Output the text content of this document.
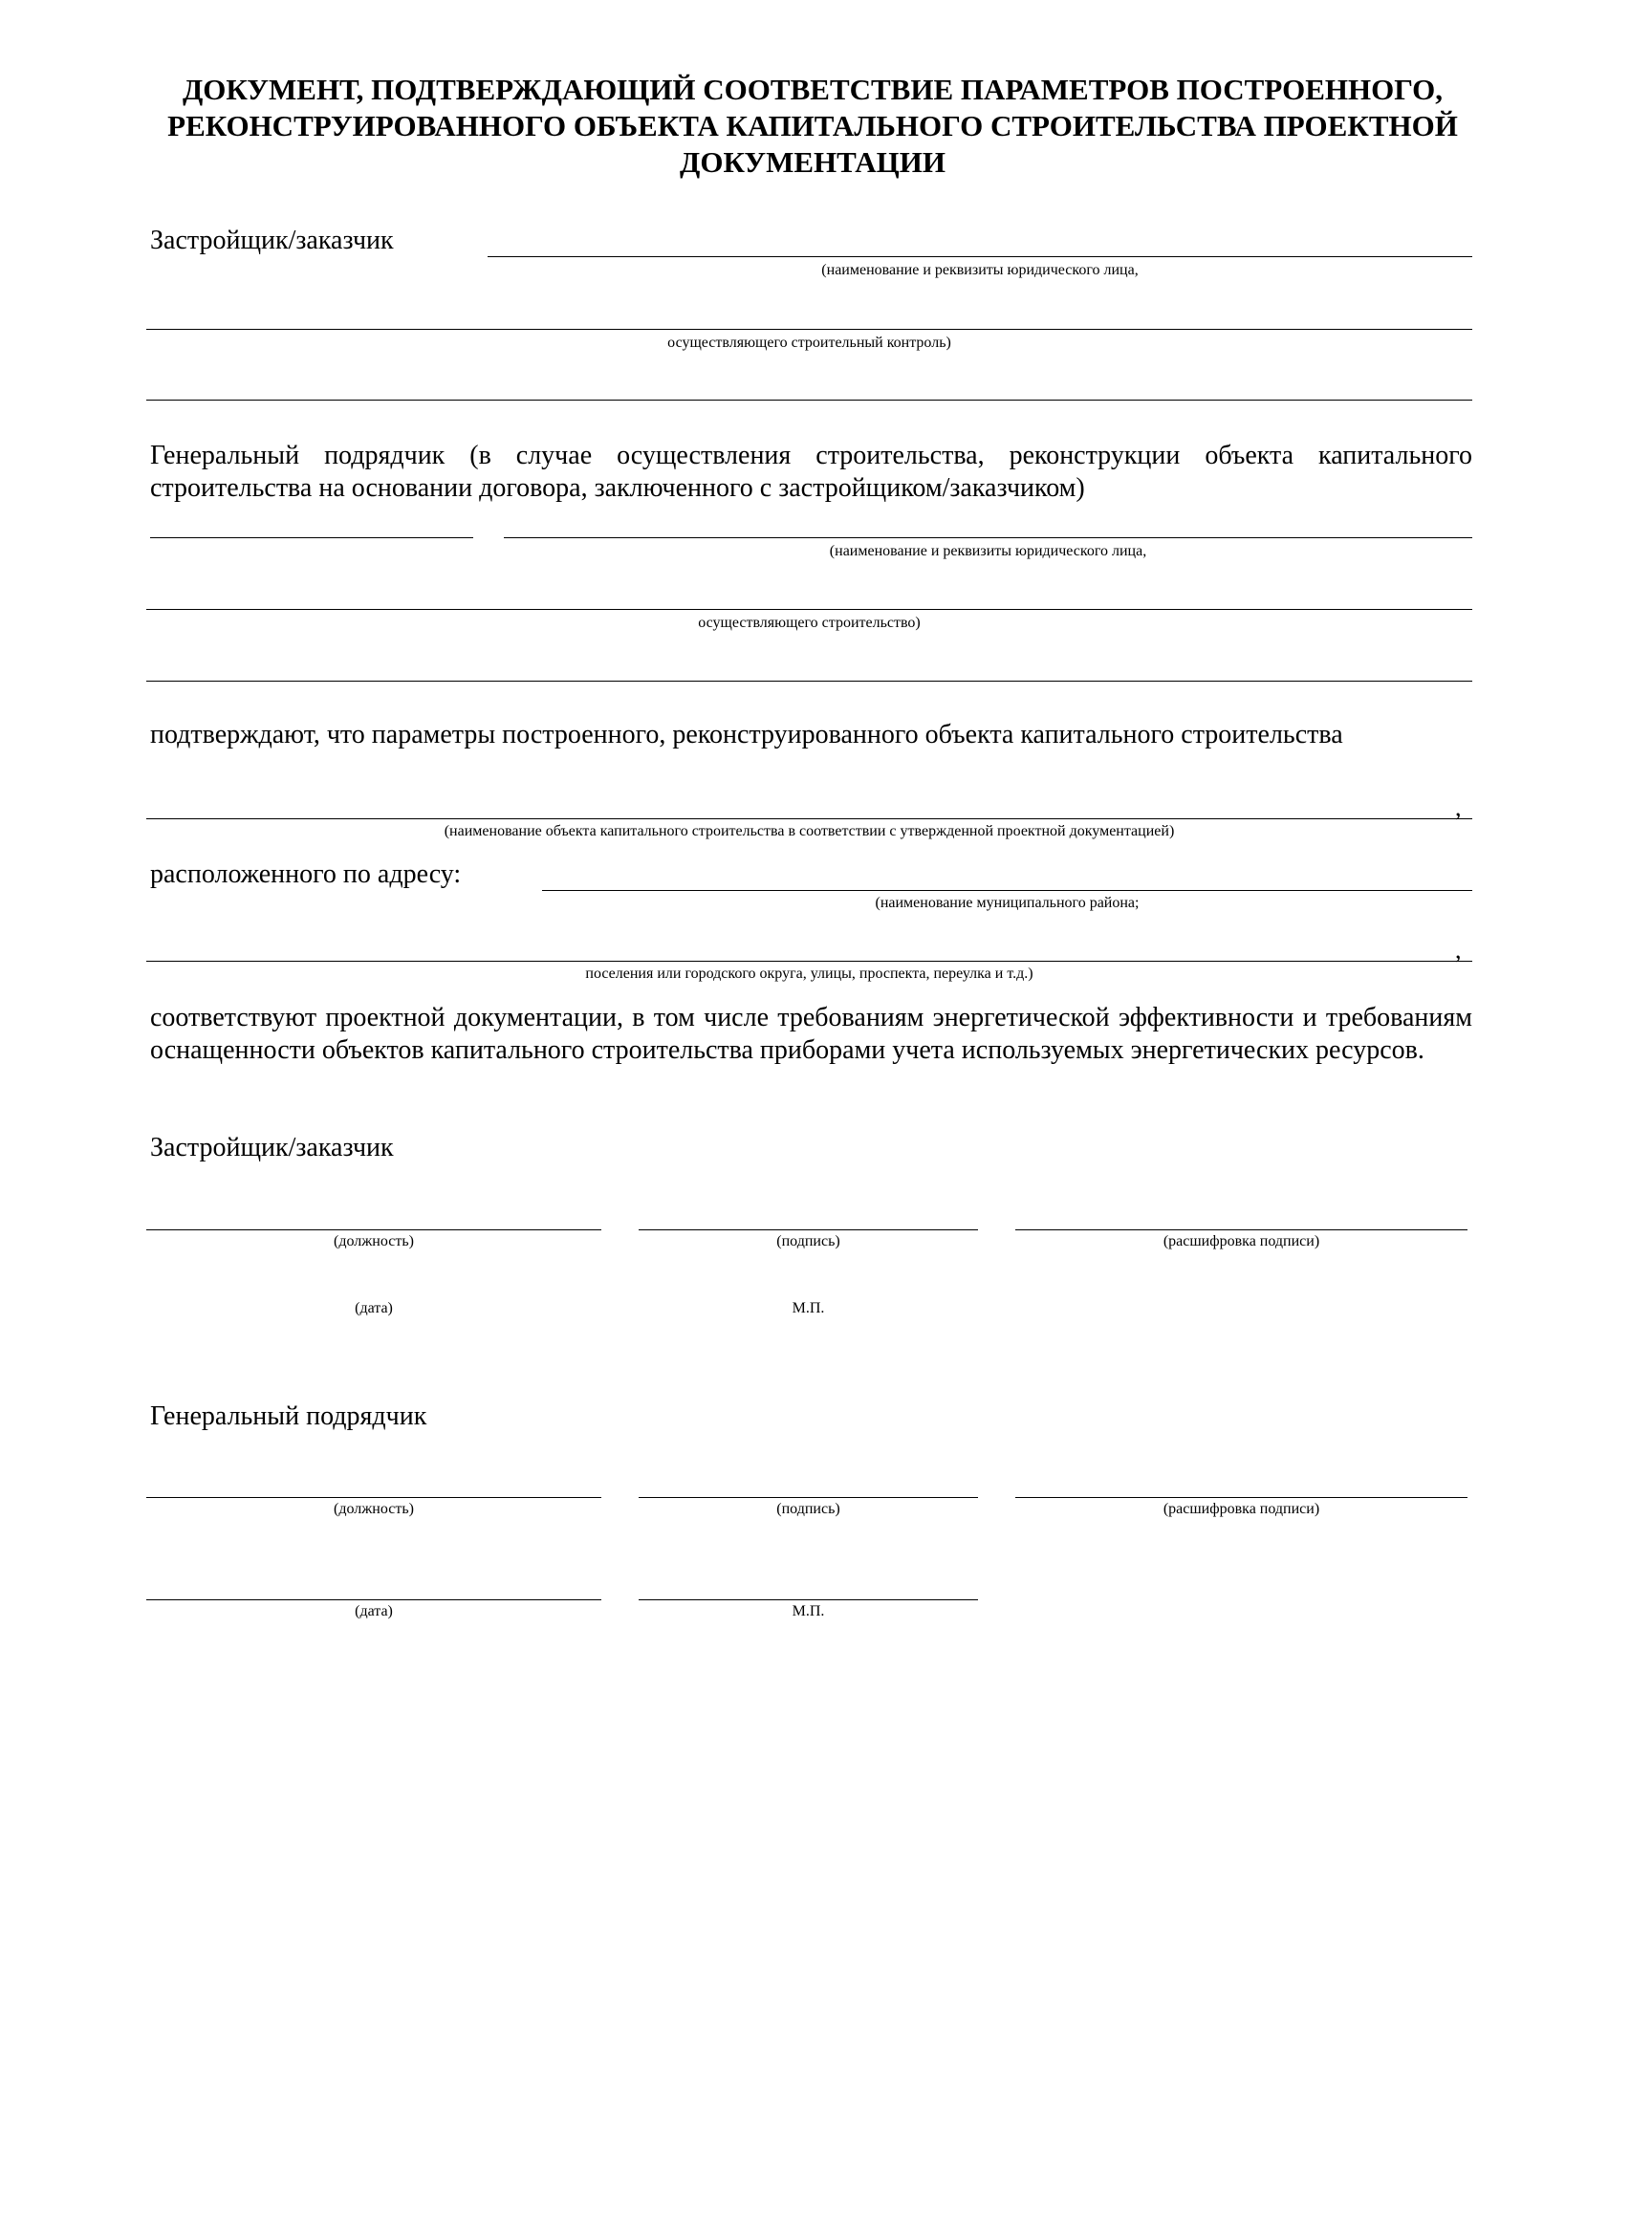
ДОКУМЕНТ, ПОДТВЕРЖДАЮЩИЙ СООТВЕТСТВИЕ ПАРАМЕТРОВ ПОСТРОЕННОГО,
РЕКОНСТРУИРОВАННОГО ОБЪЕКТА КАПИТАЛЬНОГО СТРОИТЕЛЬСТВА ПРОЕКТНОЙ
ДОКУМЕНТАЦИИ
Застройщик/заказчик
(наименование и реквизиты юридического лица,
осуществляющего строительный контроль)
Генеральный подрядчик (в случае осуществления строительства, реконструкции объекта капитального строительства на основании договора, заключенного с застройщиком/заказчиком)
(наименование и реквизиты юридического лица,
осуществляющего строительство)
подтверждают, что параметры построенного, реконструированного объекта капитального строительства
,
(наименование объекта капитального строительства в соответствии с утвержденной проектной документацией)
расположенного по адресу:
(наименование муниципального района;
,
поселения или городского округа, улицы, проспекта, переулка и т.д.)
соответствуют проектной документации, в том числе требованиям энергетической эффективности и требованиям оснащенности объектов капитального строительства приборами учета используемых энергетических ресурсов.
Застройщик/заказчик
(должность)	(подпись)	(расшифровка подписи)
(дата)	М.П.
Генеральный подрядчик
(должность)	(подпись)	(расшифровка подписи)
(дата)	М.П.
